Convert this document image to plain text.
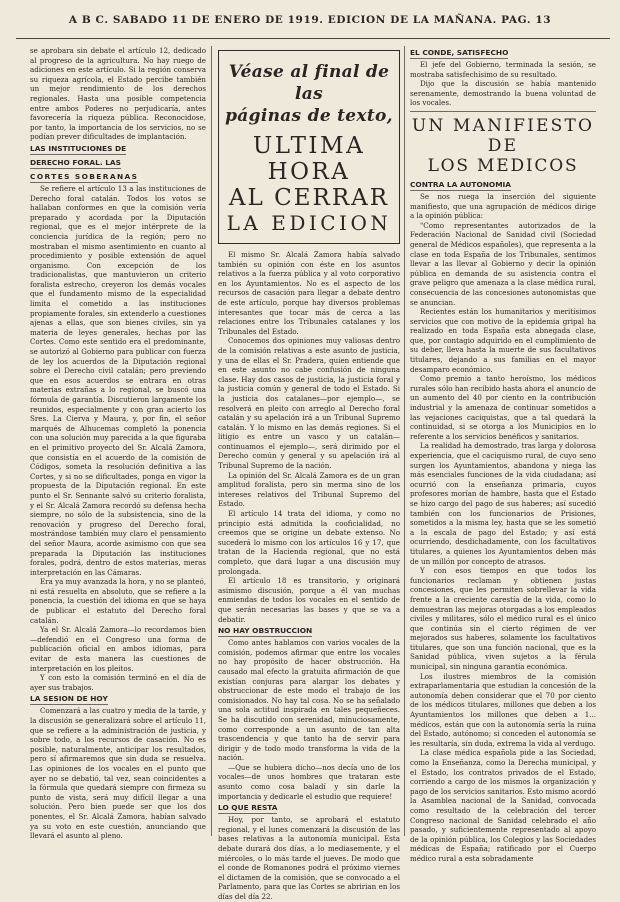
A B C. SABADO 11 DE ENERO DE 1919. EDICION DE LA MAÑANA. PAG. 13

se aprobara sin debate el artículo 12, dedicado al progreso de la agricultura. No hay ruego de adiciones en este artículo. Si la región conserva su riqueza agrícola, el Estado percibe también un mejor rendimiento de los derechos regionales. Hasta una posible competencia entre ambos Poderes no perjudicaría, antes favorecería la riqueza pública. Reconocidose, por tanto, la importancia de los servicios, no se podían prever dificultades de implantación.

LAS INSTITUCIONES DE
DERECHO FORAL. LAS
CORTES SOBERANAS

Se refiere el artículo 13 a las instituciones de Derecho foral catalán. Todos los votos se hallaban conformes en que la comisión vería preparado y acordada por la Diputación regional, que es el mejor intérprete de la conciencia jurídica de la región; pero no mostraban el mismo asentimiento en cuanto al procedimiento y posible extensión de aquel organismo. Con excepción de los tradicionalistas, que mantuvieron un criterio foralista estrecho, creyeron los demás vocales que el fundamento mismo de la especialidad limita el cometido a las instituciones propiamente forales, sin extenderlo a cuestiones ajenas a ellas, que son bienes civiles, sin ya materia de leyes generales, hechas por las Cortes. Como este sentido era el predominante, se autorizó al Gobierno para publicar con fuerza de ley los acuerdos de la Diputación regional sobre el Derecho civil catalán; pero previendo que en esos acuerdos se entrara en otras materias extrañas a lo regional, se buscó una fórmula de garantía. Discutieron largamente los reunidos, especialmente y con gran acierto los Sres. La Cierva y Maura, y, por fin, el señor marqués de Alhucemas completó la ponencia con una solución muy parecida a la que figuraba en el primitivo proyecto del Sr. Alcalá Zamora, que consistía en el acuerdo de la comisión de Códigos, someta la resolución definitiva a las Cortes, y si no se dificultades, ponga en vigor la propuesta de la Diputación regional. En este punto el Sr. Sennante salvó su criterio foralista, y el Sr. Alcalá Zamora recordó su defensa hecha siempre, no sólo de la subsistencia, sino de la renovación y progreso del Derecho foral, mostrándose también muy claro el pensamiento del señor Maura, acorde asimismo con que sea preparada la Diputación las instituciones forales, podrá, dentro de estos materias, meras interpretación en las Cámaras.

Era ya muy avanzada la hora, y no se planteó, ni está resuelta en absoluto, que se refiere a la ponencia, la cuestión del idioma en que se haya de publicar el estatuto del Derecho foral catalán.

Ya el Sr. Alcalá Zamora—lo recordamos bien—defendió en el Congreso una forma de publicación oficial en ambos idiomas, para evitar de esta manera las cuestiones de interpretación en los pleitos.

Y con esto la comisión terminó en el día de ayer sus trabajos.

LA SESION DE HOY

Comenzará a las cuatro y media de la tarde, y la discusión se generalizará sobre el artículo 11, que se refiere a la administración de justicia, y sobre todo, a los recursos de casación. No es posible, naturalmente, anticipar los resultados, pero sí afirmaremos que sin duda se resuelva. Las opiniones de los vocales en el punto que ayer no se debatió, tal vez, sean coincidentes a la fórmula que quedará siempre con firmeza su punto de vista, será muy difícil llegar a una solución. Pero bien puede ser que los dos ponentes, el Sr. Alcalá Zamora, habían salvado ya su voto en este cuestión, anunciando que llevará el asunto al pleno.

Véase al final de las
páginas de texto,
ULTIMA HORA
AL CERRAR
LA EDICION

El mismo Sr. Alcalá Zamora había salvado también su opinión con éste en los asuntos relativos a la fuerza pública y al voto corporativo en los Ayuntamientos. No es el aspecto de los recursos de casación para llegar a debate dentro de este artículo, porque hay diversos problemas interesantes que tocar más de cerca a las relaciones entre los Tribunales catalanes y los Tribunales del Estado.

Conocemos dos opiniones muy valiosas dentro de la comisión relativas a este asunto de justicia, y una de ellas el Sr. Pradera, quien entiende que en este asunto no cabe confusión de ninguna clase. Hay dos casos de justicia, la justicia foral y la justicia común y general de todo el Estado. Si la justicia dos catalanes—por ejemplo—, se resolverá en pleito con arreglo al Derecho foral catalán y su apelación irá a un Tribunal Supremo catalán. Y lo mismo en las demás regiones. Si el litigio es entre un vasco y un catalán—continuamos el ejemplo—, será dirimido por el Derecho común y general y su apelación irá al Tribunal Supremo de la nación.

La opinión del Sr. Alcalá Zamora es de un gran amplitud foralista, pero sin merma sino de los intereses relativos del Tribunal Supremo del Estado.

El artículo 14 trata del idioma, y como no principio está admitida la cooficialidad, no creemos que se origine un debate extenso. No sucederá lo mismo con los artículos 16 y 17, que tratan de la Hacienda regional, que no está completo, que dará lugar a una discusión muy prolongada.

El artículo 18 es transitorio, y originará asimismo discusión, porque a él van muchas enmiendas de todos los vocales en el sentido de que serán necesarias las bases y que se va a debatir.

NO HAY OBSTRUCCION

Como antes hablamos con varios vocales de la comisión, podemos afirmar que entre los vocales no hay propósito de hacer obstrucción. Ha causado mal efecto la gratuita afirmación de que existían conjuras para alargar los debates y obstruccionar de este modo el trabajo de los comisionados. No hay tal cosa. No se ha señalado una sola actitud inspirada en tales pequeñeces. Se ha discutido con serenidad, minuciosamente, como corresponde a un asunto de tan alta trascendencia y que tanto ha de servir para dirigir y de todo modo transforma la vida de la nación.

—Que se hubiera dicho—nos decía uno de los vocales—de unos hombres que trataran este asunto como cosa baladí y sin darle la importancia y dedicarle el estudio que requiere!

LO QUE RESTA

Hoy, por tanto, se aprobará el estatuto regional, y el lunes comenzará la discusión de las bases relativas a la autonomía municipal. Esta debate durará dos días, a lo mediasemente, y el miércoles, o lo más tarde el jueves. De modo que el conde de Romanones podrá el próximo viernes el dictamen de la comisión, que se convocado a el Parlamento, para que las Cortes se abririan en los días del día 22.

EL CONDE, SATISFECHO

El jefe del Gobierno, terminada la sesión, se mostraba satisfechísimo de su resultado.

Dijo que la discusión se había mantenido serenamente, demostrando la buena voluntad de los vocales.

UN MANIFIESTO DE
LOS MEDICOS
CONTRA LA AUTONOMIA

Se nos ruega la inserción del siguiente manifiesto, que una agrupación de médicos dirige a la opinión pública:

"Como representantes autorizados de la Federación Nacional de Sanidad civil (Sociedad general de Médicos españoles), que representa a la clase en toda España de los Tribunales, sentimos llevar a las llevar al Gobierno y decir la opinión pública en demanda de su asistencia contra el grave peligro que amenaza a la clase médica rural, consecuencia de las concesiones autonomistas que se anuncian.

Recientes están los humanitarios y meritísimos servicios que con motivo de la epidemia gripal ha realizado en toda España esta abnegada clase, que, por contagio adquirido en el cumplimiento de su deber, lleva hasta la muerte de sus facultativos titulares, dejando a sus familias en el mayor desamparo económico.

Como premio a tanto heroísmo, los médicos rurales sólo han recibido hasta ahora el anuncio de un aumento del 40 por ciento en la contribución industrial y la amenaza de continuar sometidos a las vejaciones caciquistas, que a tal quedará la continuidad, si se otorga a los Municipios en lo referente a los servicios benéficos y sanitarios.

La realidad ha demostrado, tras larga y dolorosa experiencia, que el caciquismo rural, de cuyo seno surgen los Ayuntamientos, abandona y niega las más esenciales funciones de la vida ciudadana; así ocurrió con la enseñanza primaria, cuyos profesores morían de hambre, hasta que el Estado se hizo cargo del pago de sus haberes; así sucedió también con los funcionarios de Prisiones, sometidos a la misma ley, hasta que se les sometió a la escala de pago del Estado; y así está ocurriendo, desdichadamente, con los facultativos titulares, a quienes los Ayuntamientos deben más de un millón por concepto de atrasos.

Y con esos tiempos en que todos los funcionarios reclaman y obtienen justas concesiones, que les permiten sobrellevar la vida frente a la creciente carestía de la vida, como lo demuestran las mejoras otorgadas a los empleados civiles y militares, sólo el médico rural es el único que continúa sin el cierto régimen de ver mejorados sus haberes, solamente los facultativos titulares, que son una función nacional, que es la Sanidad pública, viven sujetos a la férula municipal, sin ninguna garantía económica.

Los ilustres miembros de la comisión extraparlamentaria que estudian la concesión de la autonomía deben considerar que el 70 por ciento de los médicos titulares, millones que deben a los Ayuntamientos los millones que deben a 1... médicos, están que con la autonomía sería la ruina del Estado, autónomo; si conceden el autonomía se les resultaría, sin duda, extrema la vida al verdugo.

La clase médica española pide a las Sociedad, como la Enseñanza, como la Derecha municipal, y el Estado, los contratos privados de el Estado, corriendo a cargo de los mismos la organización y pago de los servicios sanitarios. Esto mismo acordó la Asamblea nacional de la Sanidad, convocada como resultado de la celebración del tercer Congreso nacional de Sanidad celebrado el año pasado, y suficientemente representado al apoyo de la opinión pública, los Colegios y las Sociedades médicas de España; ratificado por el Cuerpo médico rural a esta sobradamente
